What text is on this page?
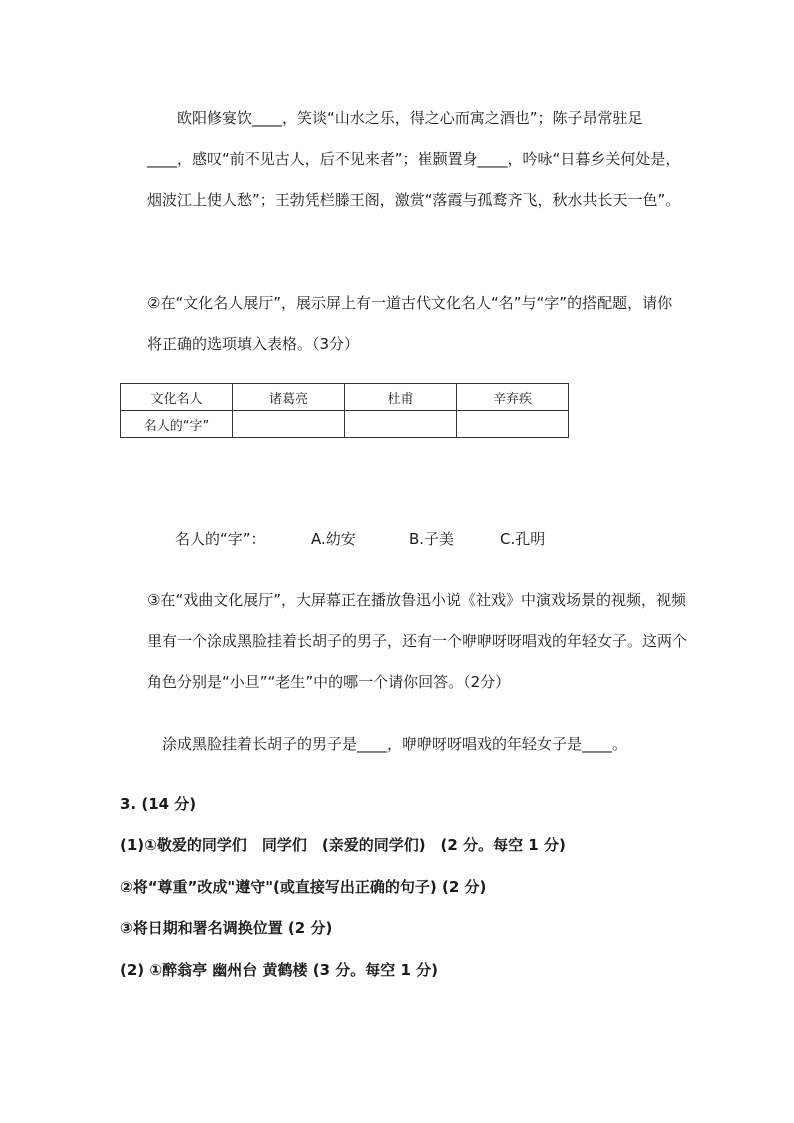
欧阳修宴饮____，笑谈“山水之乐，得之心而寓之酒也”；陈子昂常驻足____，感叹“前不见古人，后不见来者”；崔颢置身____，吟咏“日暮乡关何处是，烟波江上使人愁”；王勃凭栏滕王阁，激赏“落霞与孤鹜齐飞，秋水共长天一色”。

②在“文化名人展厅”，展示屏上有一道古代文化名人“名”与“字”的搭配题，请你将正确的选项填入表格。（3分）

文化名人	诸葛亮	杜甫	辛弃疾
名人的“字”			
名人的“字”：	A.幼安	B.子美	C.孔明

③在“戏曲文化展厅”，大屏幕正在播放鲁迅小说《社戏》中演戏场景的视频，视频里有一个涂成黑脸挂着长胡子的男子，还有一个咿咿呀呀唱戏的年轻女子。这两个角色分别是“小旦”“老生”中的哪一个请你回答。（2分）

涂成黑脸挂着长胡子的男子是____，咿咿呀呀唱戏的年轻女子是____。
3. (14 分)
(1)①敬爱的同学们　同学们　(亲爱的同学们)　(2 分。每空 1 分)
②将“尊重”改成"遵守"(或直接写出正确的句子) (2 分)
③将日期和署名调换位置 (2 分)
(2) ①醉翁亭 幽州台 黄鹤楼 (3 分。每空 1 分)
